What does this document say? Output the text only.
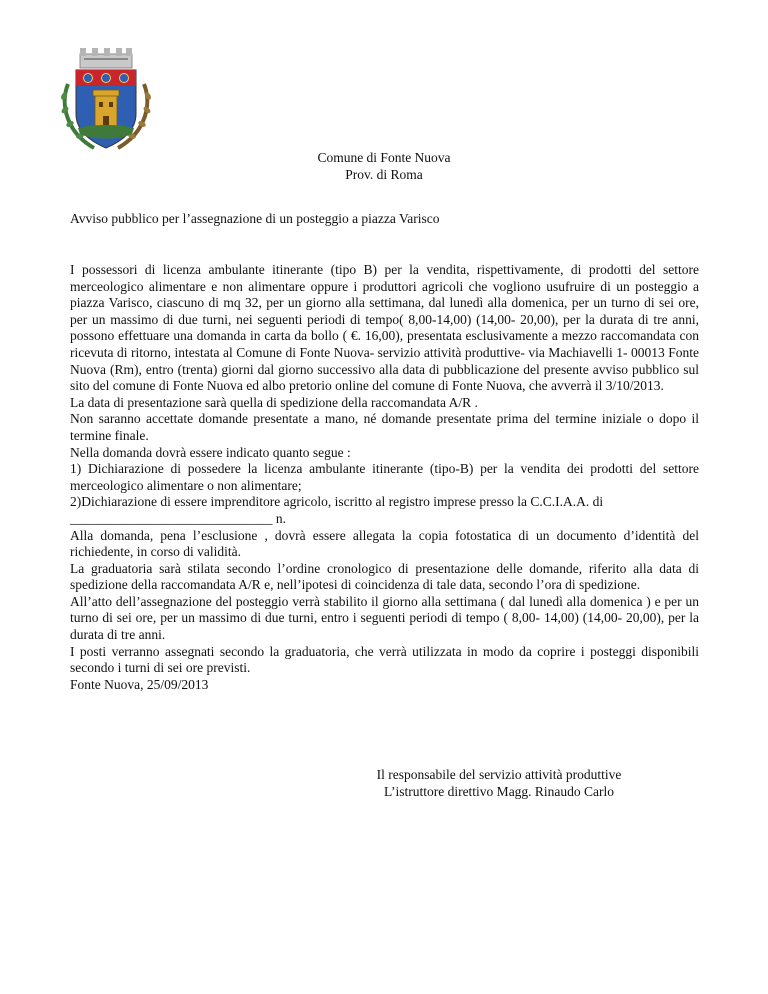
Comune di Fonte Nuova
Prov. di Roma
Avviso pubblico per l’assegnazione di un posteggio a piazza Varisco

I possessori di licenza ambulante itinerante (tipo B) per la vendita, rispettivamente, di prodotti del settore merceologico alimentare e non alimentare oppure i produttori agricoli che vogliono usufruire di un posteggio a piazza Varisco, ciascuno di mq 32, per un giorno alla settimana, dal lunedì alla domenica, per un turno di sei ore, per un massimo di due turni, nei seguenti periodi di tempo( 8,00-14,00) (14,00- 20,00), per la durata di tre anni, possono effettuare una domanda in carta da bollo ( €. 16,00), presentata esclusivamente a mezzo raccomandata con ricevuta di ritorno, intestata al Comune di Fonte Nuova- servizio attività produttive- via Machiavelli 1- 00013 Fonte Nuova (Rm), entro (trenta) giorni dal giorno successivo alla data di pubblicazione del presente avviso pubblico sul sito del comune di Fonte Nuova ed albo pretorio online del comune di Fonte Nuova, che avverrà il 3/10/2013.

La data di presentazione sarà quella di spedizione della raccomandata A/R .

Non saranno accettate domande presentate a mano, né domande presentate prima del termine iniziale o dopo il termine finale.

Nella domanda dovrà essere indicato quanto segue :

1) Dichiarazione di possedere la licenza ambulante itinerante (tipo-B) per la vendita dei prodotti del settore merceologico alimentare o non alimentare;

2)Dichiarazione di essere imprenditore agricolo, iscritto al registro imprese presso la C.C.I.A.A. di

______________________________ n.

Alla domanda, pena l’esclusione , dovrà essere allegata la copia fotostatica di un documento d’identità del richiedente, in corso di validità.

La graduatoria sarà stilata secondo l’ordine cronologico di presentazione delle domande, riferito alla data di spedizione della raccomandata A/R e, nell’ipotesi di coincidenza di tale data, secondo l’ora di spedizione.

All’atto dell’assegnazione del posteggio verrà stabilito il giorno alla settimana ( dal lunedì alla domenica ) e per un turno di sei ore, per un massimo di due turni, entro i seguenti periodi di tempo ( 8,00- 14,00) (14,00- 20,00), per la durata di tre anni.

I posti verranno assegnati secondo la graduatoria, che verrà utilizzata in modo da coprire i posteggi disponibili secondo i turni di sei ore previsti.

Fonte Nuova, 25/09/2013

Il responsabile del servizio attività produttive
L’istruttore direttivo Magg. Rinaudo Carlo
